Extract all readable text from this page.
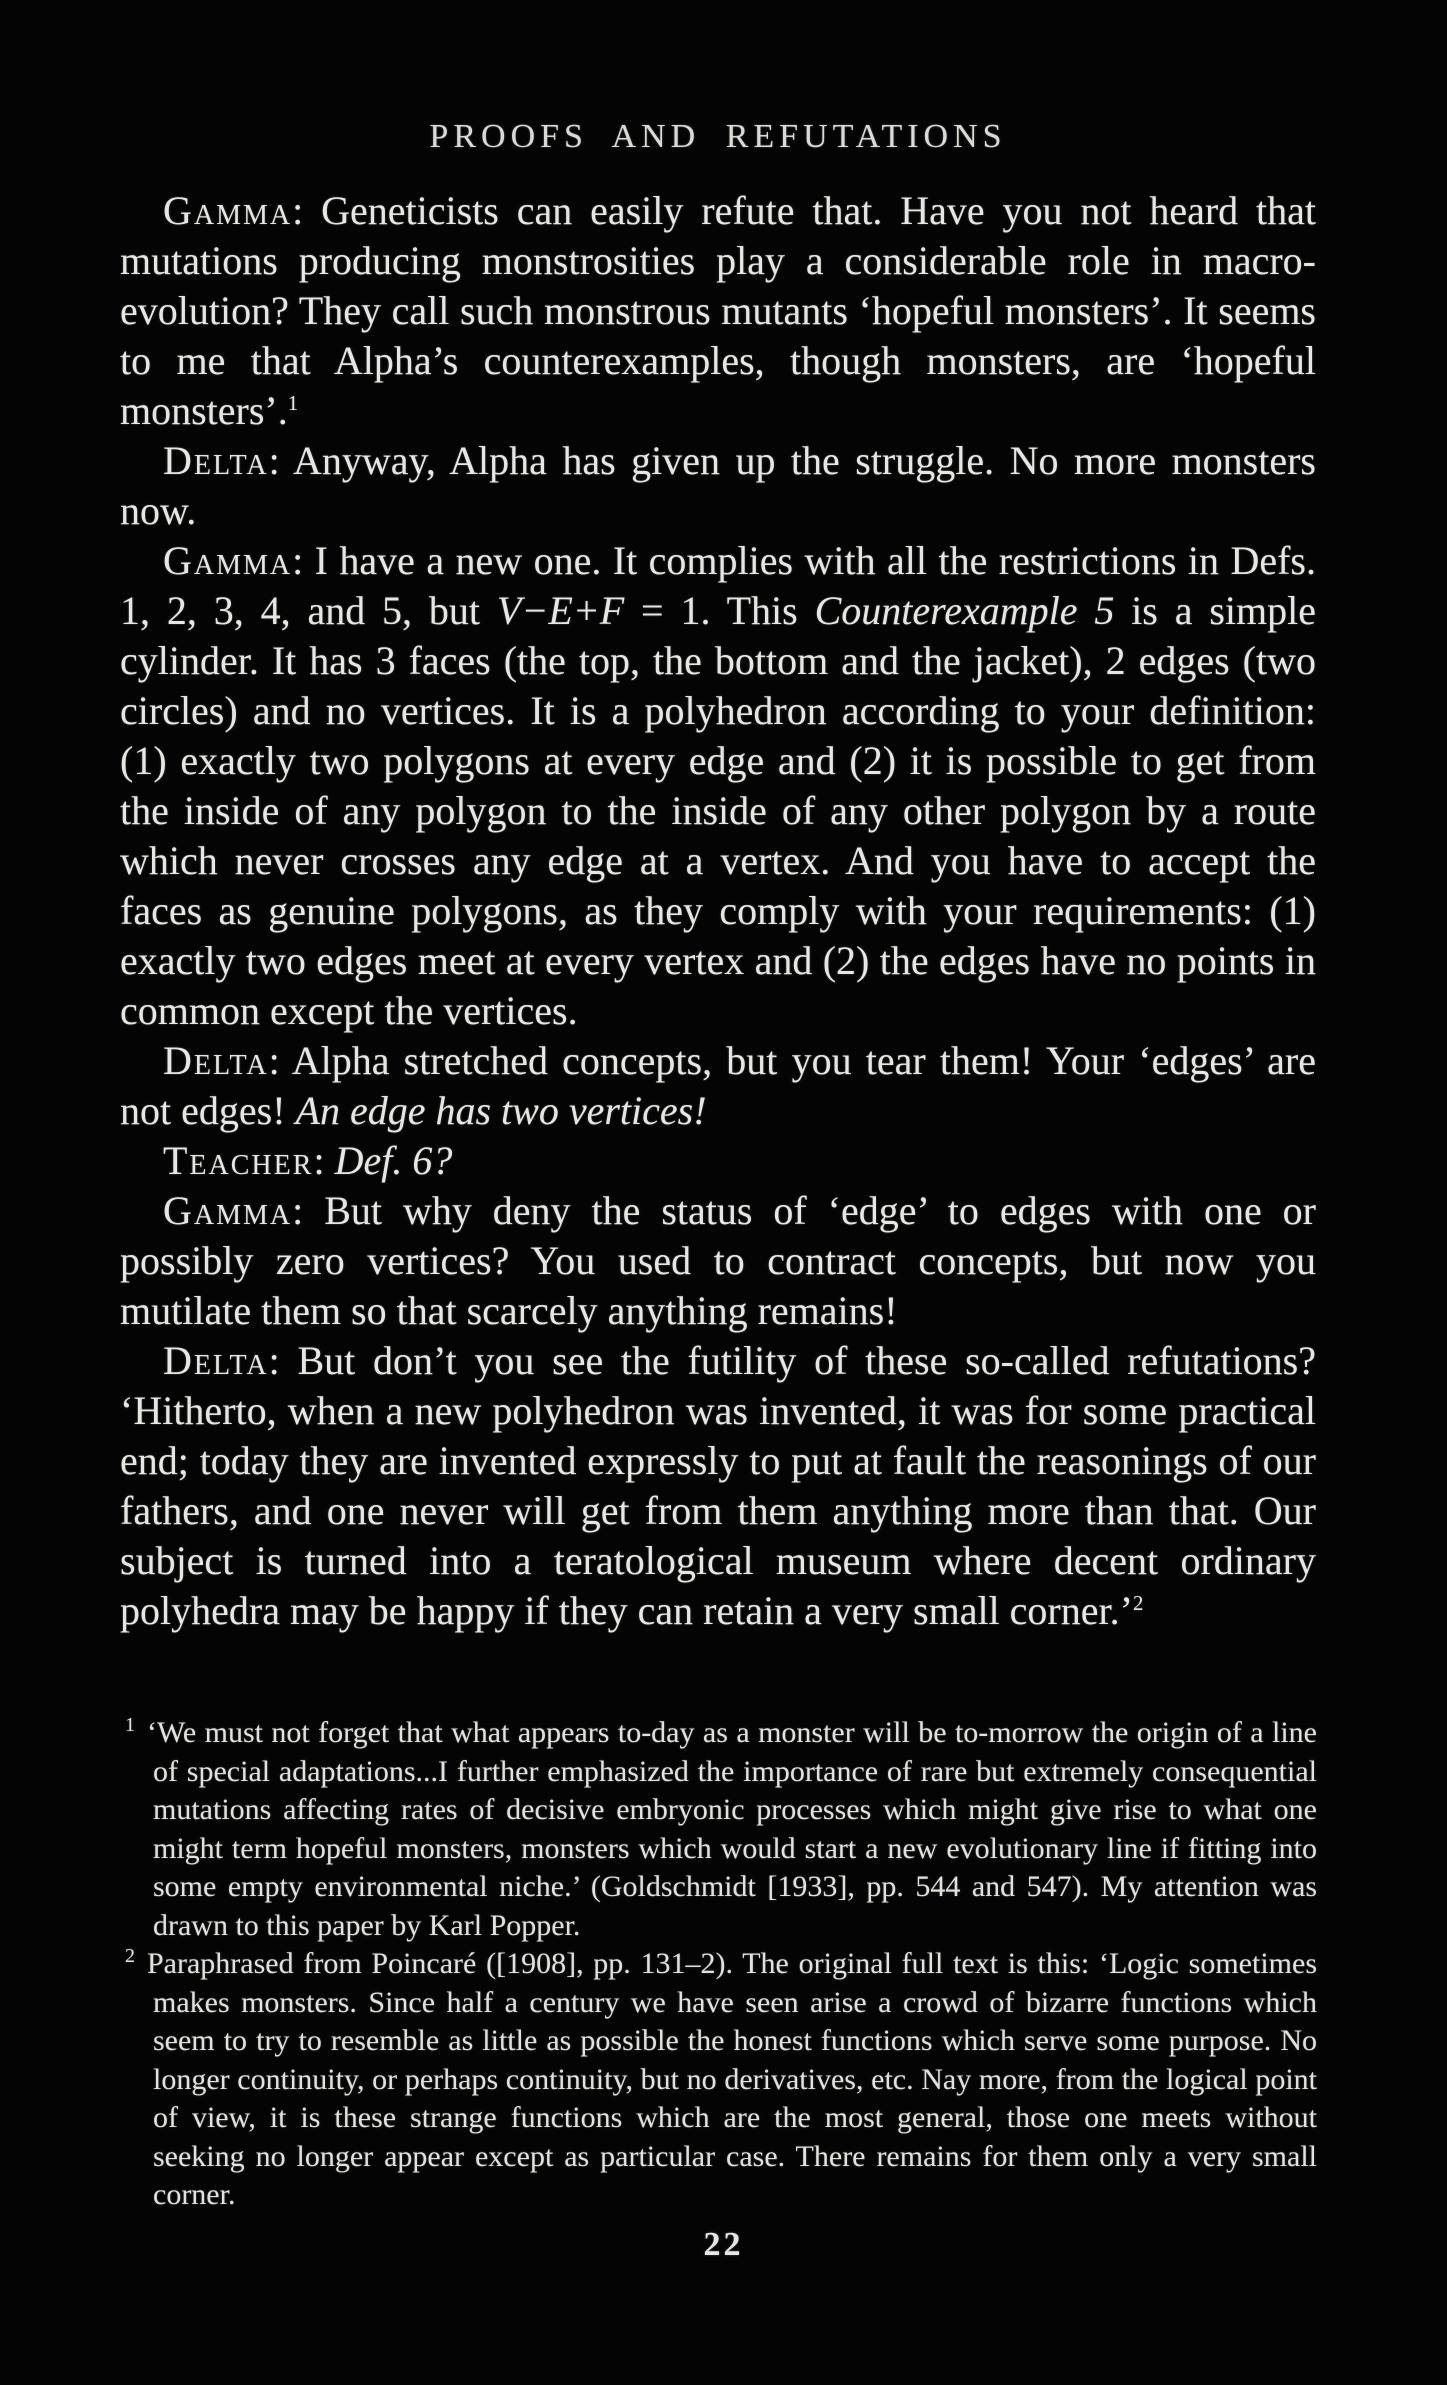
PROOFS AND REFUTATIONS

Gamma: Geneticists can easily refute that. Have you not heard that mutations producing monstrosities play a considerable role in macro-evolution? They call such monstrous mutants ‘hopeful monsters’. It seems to me that Alpha’s counterexamples, though monsters, are ‘hopeful monsters’.$^1$

Delta: Anyway, Alpha has given up the struggle. No more monsters now.

Gamma: I have a new one. It complies with all the restrictions in Defs. 1, 2, 3, 4, and 5, but V−E+F = 1. This Counterexample 5 is a simple cylinder. It has 3 faces (the top, the bottom and the jacket), 2 edges (two circles) and no vertices. It is a polyhedron according to your definition: (1) exactly two polygons at every edge and (2) it is possible to get from the inside of any polygon to the inside of any other polygon by a route which never crosses any edge at a vertex. And you have to accept the faces as genuine polygons, as they comply with your requirements: (1) exactly two edges meet at every vertex and (2) the edges have no points in common except the vertices.

Delta: Alpha stretched concepts, but you tear them! Your ‘edges’ are not edges! An edge has two vertices!

Teacher: Def. 6?

Gamma: But why deny the status of ‘edge’ to edges with one or possibly zero vertices? You used to contract concepts, but now you mutilate them so that scarcely anything remains!

Delta: But don’t you see the futility of these so-called refutations? ‘Hitherto, when a new polyhedron was invented, it was for some practical end; today they are invented expressly to put at fault the reasonings of our fathers, and one never will get from them anything more than that. Our subject is turned into a teratological museum where decent ordinary polyhedra may be happy if they can retain a very small corner.’$^2$

$^1$ ‘We must not forget that what appears to-day as a monster will be to-morrow the origin of a line of special adaptations...I further emphasized the importance of rare but extremely consequential mutations affecting rates of decisive embryonic processes which might give rise to what one might term hopeful monsters, monsters which would start a new evolutionary line if fitting into some empty environmental niche.’ (Goldschmidt [1933], pp. 544 and 547). My attention was drawn to this paper by Karl Popper.

$^2$ Paraphrased from Poincaré ([1908], pp. 131–2). The original full text is this: ‘Logic sometimes makes monsters. Since half a century we have seen arise a crowd of bizarre functions which seem to try to resemble as little as possible the honest functions which serve some purpose. No longer continuity, or perhaps continuity, but no derivatives, etc. Nay more, from the logical point of view, it is these strange functions which are the most general, those one meets without seeking no longer appear except as particular case. There remains for them only a very small corner.

22
